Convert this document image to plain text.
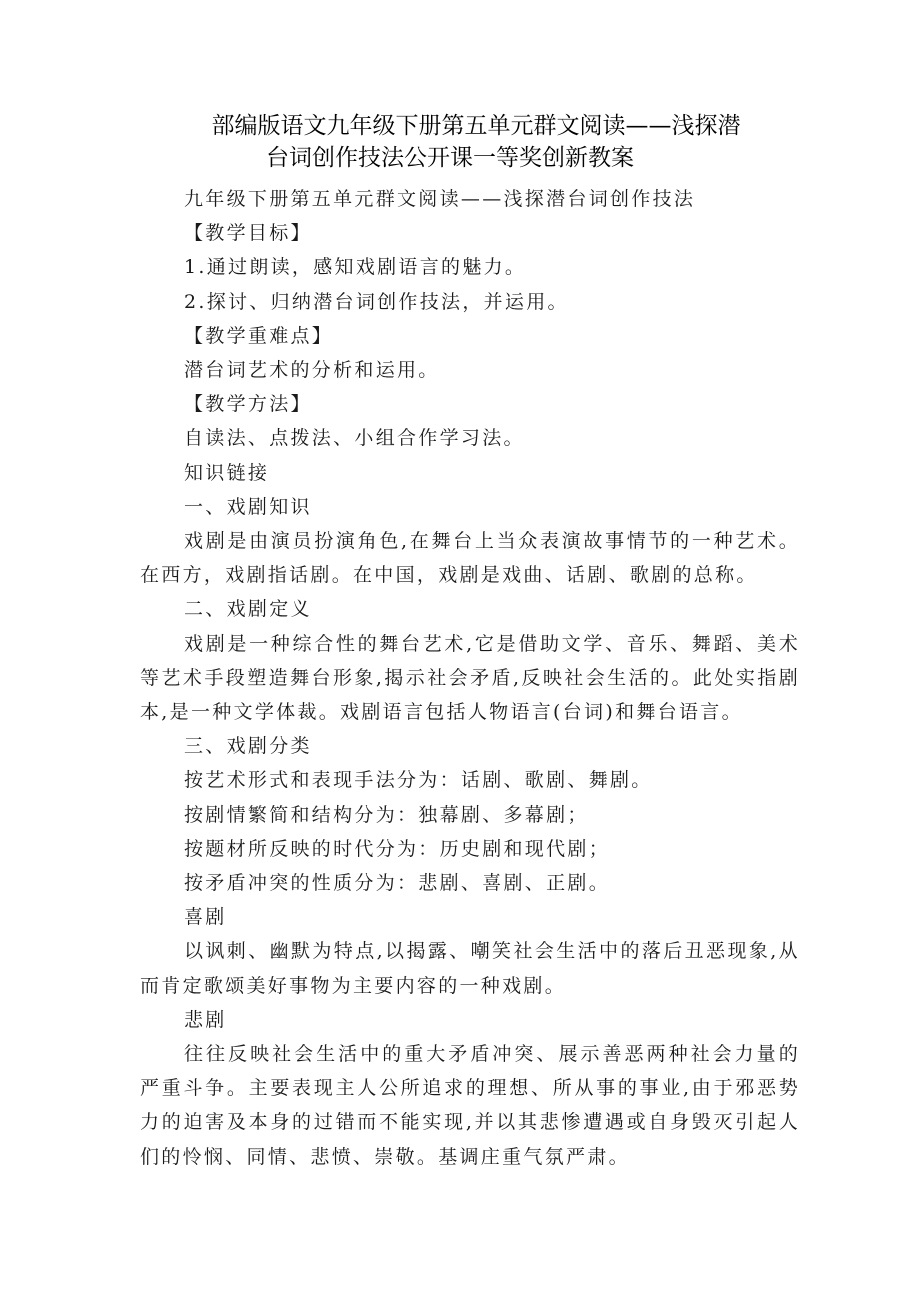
部编版语文九年级下册第五单元群文阅读——浅探潜
台词创作技法公开课一等奖创新教案

九年级下册第五单元群文阅读——浅探潜台词创作技法

【教学目标】

1.通过朗读，感知戏剧语言的魅力。

2.探讨、归纳潜台词创作技法，并运用。

【教学重难点】

潜台词艺术的分析和运用。

【教学方法】

自读法、点拨法、小组合作学习法。

知识链接

一、戏剧知识

戏剧是由演员扮演角色,在舞台上当众表演故事情节的一种艺术。在西方，戏剧指话剧。在中国，戏剧是戏曲、话剧、歌剧的总称。

二、戏剧定义

戏剧是一种综合性的舞台艺术,它是借助文学、音乐、舞蹈、美术等艺术手段塑造舞台形象,揭示社会矛盾,反映社会生活的。此处实指剧本,是一种文学体裁。戏剧语言包括人物语言(台词)和舞台语言。

三、戏剧分类

按艺术形式和表现手法分为：话剧、歌剧、舞剧。

按剧情繁简和结构分为：独幕剧、多幕剧；

按题材所反映的时代分为：历史剧和现代剧；

按矛盾冲突的性质分为：悲剧、喜剧、正剧。

喜剧

以讽刺、幽默为特点,以揭露、嘲笑社会生活中的落后丑恶现象,从而肯定歌颂美好事物为主要内容的一种戏剧。

悲剧

往往反映社会生活中的重大矛盾冲突、展示善恶两种社会力量的严重斗争。主要表现主人公所追求的理想、所从事的事业,由于邪恶势力的迫害及本身的过错而不能实现,并以其悲惨遭遇或自身毁灭引起人们的怜悯、同情、悲愤、崇敬。基调庄重气氛严肃。
